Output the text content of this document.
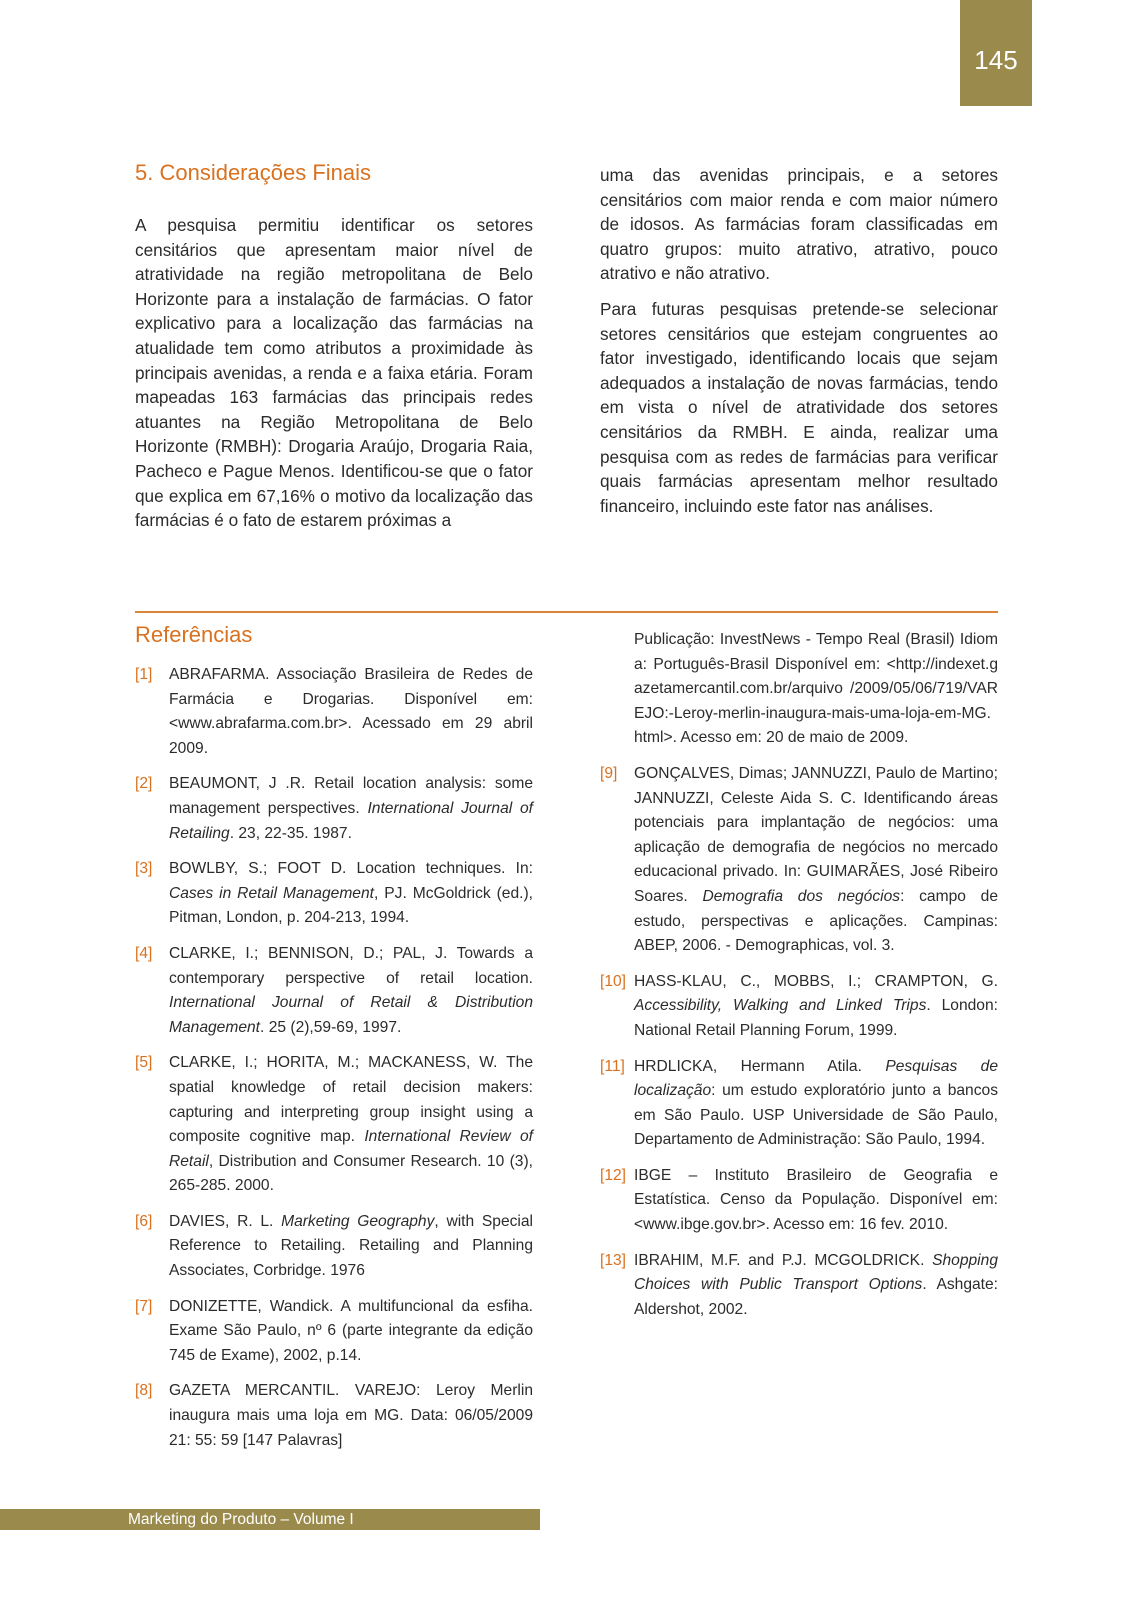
145
5. Considerações Finais

A pesquisa permitiu identificar os setores censitários que apresentam maior nível de atratividade na região metropolitana de Belo Horizonte para a instalação de farmácias. O fator explicativo para a localização das farmácias na atualidade tem como atributos a proximidade às principais avenidas, a renda e a faixa etária. Foram mapeadas 163 farmácias das principais redes atuantes na Região Metropolitana de Belo Horizonte (RMBH): Drogaria Araújo, Drogaria Raia, Pacheco e Pague Menos. Identificou-se que o fator que explica em 67,16% o motivo da localização das farmácias é o fato de estarem próximas a

uma das avenidas principais, e a setores censitários com maior renda e com maior número de idosos. As farmácias foram classificadas em quatro grupos: muito atrativo, atrativo, pouco atrativo e não atrativo.

Para futuras pesquisas pretende-se selecionar setores censitários que estejam congruentes ao fator investigado, identificando locais que sejam adequados a instalação de novas farmácias, tendo em vista o nível de atratividade dos setores censitários da RMBH. E ainda, realizar uma pesquisa com as redes de farmácias para verificar quais farmácias apresentam melhor resultado financeiro, incluindo este fator nas análises.

Referências
[1]	ABRAFARMA. Associação Brasileira de Redes de Farmácia e Drogarias. Disponível em: <www.abrafarma.com.br>. Acessado em 29 abril 2009.
[2]	BEAUMONT, J .R. Retail location analysis: some management perspectives. International Journal of Retailing. 23, 22-35. 1987.
[3]	BOWLBY, S.; FOOT D. Location techniques. In: Cases in Retail Management, PJ. McGoldrick (ed.), Pitman, London, p. 204-213, 1994.
[4]	CLARKE, I.; BENNISON, D.; PAL, J. Towards a contemporary perspective of retail location. International Journal of Retail & Distribution Management. 25 (2),59-69, 1997.
[5]	CLARKE, I.; HORITA, M.; MACKANESS, W. The spatial knowledge of retail decision makers: capturing and interpreting group insight using a composite cognitive map. International Review of Retail, Distribution and Consumer Research. 10 (3), 265-285. 2000.
[6]	DAVIES, R. L. Marketing Geography, with Special Reference to Retailing. Retailing and Planning Associates, Corbridge. 1976
[7]	DONIZETTE, Wandick. A multifuncional da esfiha. Exame São Paulo, nº 6 (parte integrante da edição 745 de Exame), 2002, p.14.
[8]	GAZETA MERCANTIL. VAREJO: Leroy Merlin inaugura mais uma loja em MG. Data: 06/05/2009 21: 55: 59 [147 Palavras]
Publicação: InvestNews - Tempo Real (Brasil) Idioma: Português-Brasil Disponível em: <http://indexet.gazetamercantil.com.br/arquivo /2009/05/06/719/VAREJO:-Leroy-merlin-inaugura-mais-uma-loja-em-MG.html>. Acesso em: 20 de maio de 2009.
[9]	GONÇALVES, Dimas; JANNUZZI, Paulo de Martino; JANNUZZI, Celeste Aida S. C. Identificando áreas potenciais para implantação de negócios: uma aplicação de demografia de negócios no mercado educacional privado. In: GUIMARÃES, José Ribeiro Soares. Demografia dos negócios: campo de estudo, perspectivas e aplicações. Campinas: ABEP, 2006. - Demographicas, vol. 3.
[10] HASS-KLAU, C., MOBBS, I.; CRAMPTON, G. Accessibility, Walking and Linked Trips. London: National Retail Planning Forum, 1999.
[11] HRDLICKA, Hermann Atila. Pesquisas de localização: um estudo exploratório junto a bancos em São Paulo. USP Universidade de São Paulo, Departamento de Administração: São Paulo, 1994.
[12] IBGE – Instituto Brasileiro de Geografia e Estatística. Censo da População. Disponível em: <www.ibge.gov.br>. Acesso em: 16 fev. 2010.
[13] IBRAHIM, M.F. and P.J. MCGOLDRICK. Shopping Choices with Public Transport Options. Ashgate: Aldershot, 2002.
Marketing do Produto – Volume I
